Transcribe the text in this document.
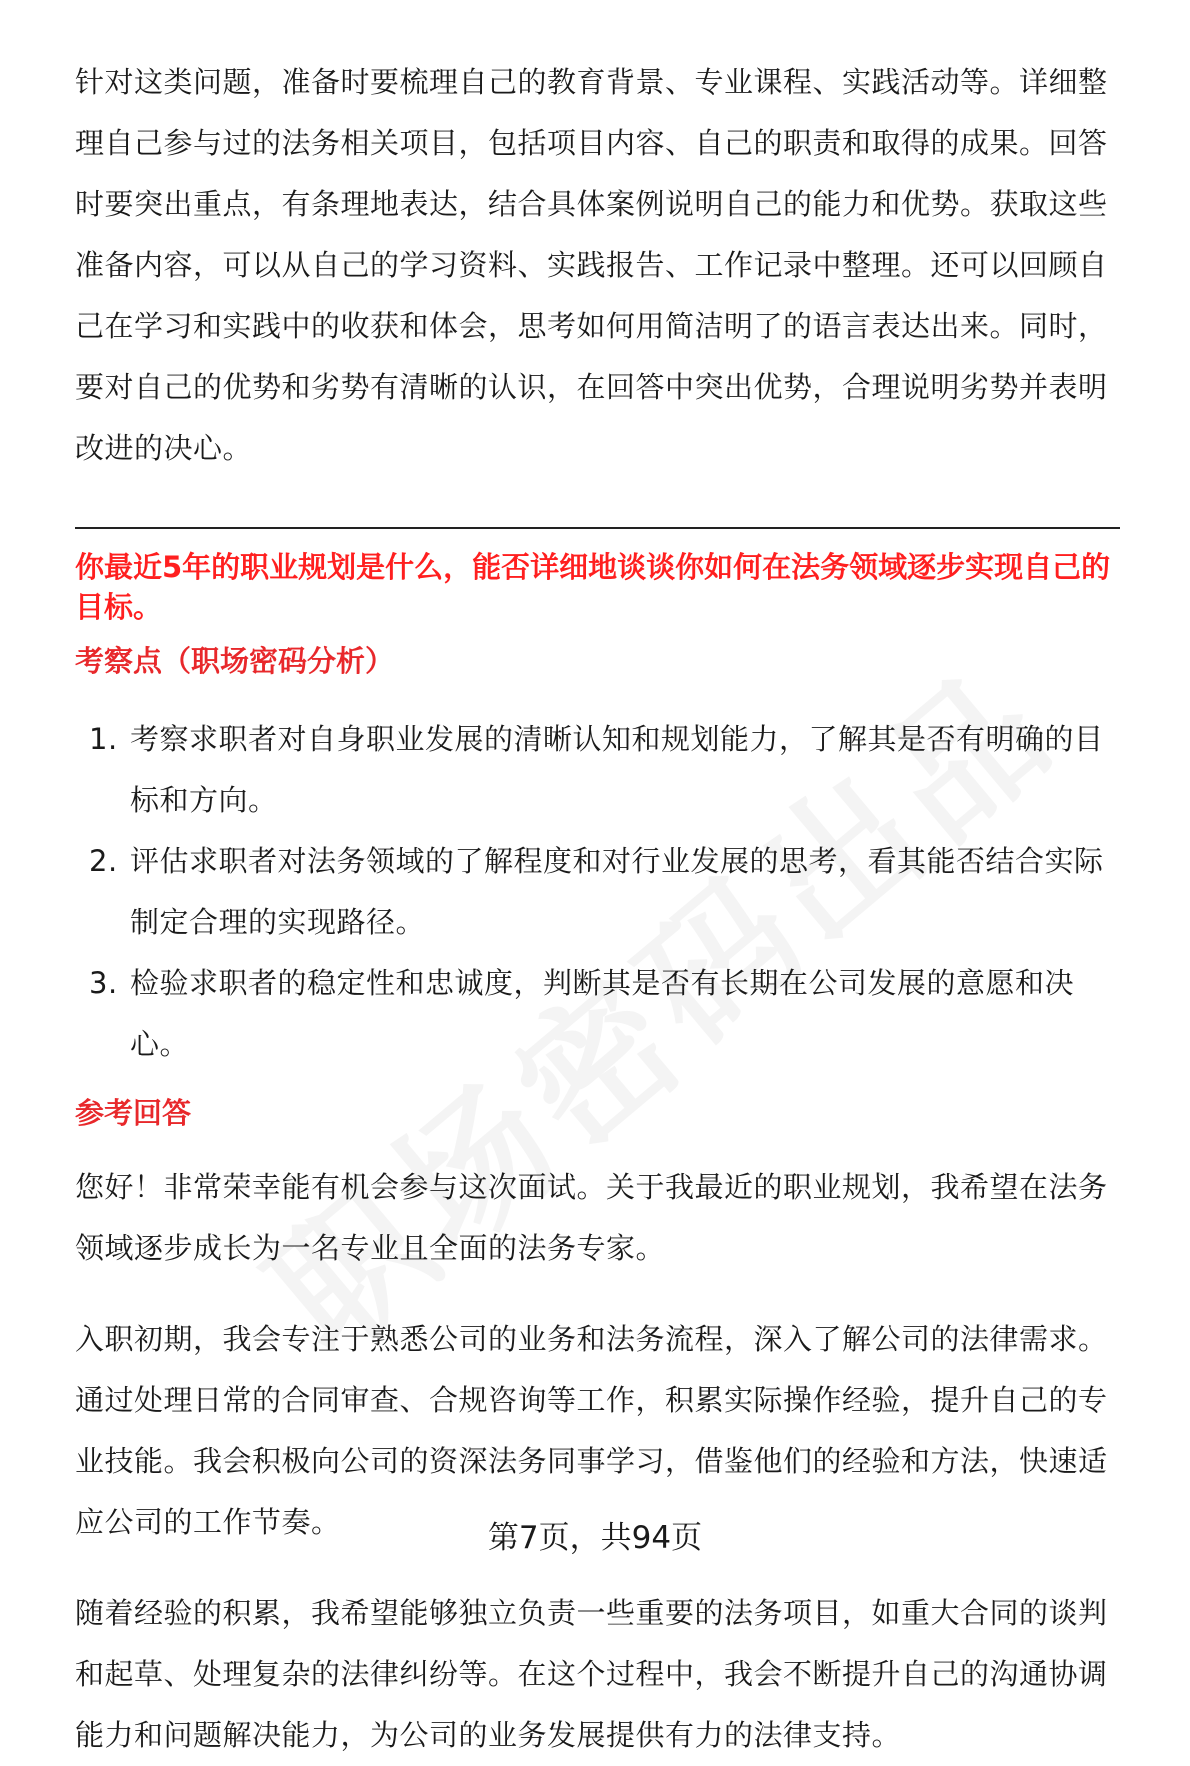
针对这类问题，准备时要梳理自己的教育背景、专业课程、实践活动等。详细整理自己参与过的法务相关项目，包括项目内容、自己的职责和取得的成果。回答时要突出重点，有条理地表达，结合具体案例说明自己的能力和优势。获取这些准备内容，可以从自己的学习资料、实践报告、工作记录中整理。还可以回顾自己在学习和实践中的收获和体会，思考如何用简洁明了的语言表达出来。同时，要对自己的优势和劣势有清晰的认识，在回答中突出优势，合理说明劣势并表明改进的决心。

你最近5年的职业规划是什么，能否详细地谈谈你如何在法务领域逐步实现自己的目标。

考察点（职场密码分析）

1. 考察求职者对自身职业发展的清晰认知和规划能力，了解其是否有明确的目标和方向。
2. 评估求职者对法务领域的了解程度和对行业发展的思考，看其能否结合实际制定合理的实现路径。
3. 检验求职者的稳定性和忠诚度，判断其是否有长期在公司发展的意愿和决心。

参考回答

您好！非常荣幸能有机会参与这次面试。关于我最近的职业规划，我希望在法务领域逐步成长为一名专业且全面的法务专家。

入职初期，我会专注于熟悉公司的业务和法务流程，深入了解公司的法律需求。通过处理日常的合同审查、合规咨询等工作，积累实际操作经验，提升自己的专业技能。我会积极向公司的资深法务同事学习，借鉴他们的经验和方法，快速适应公司的工作节奏。

随着经验的积累，我希望能够独立负责一些重要的法务项目，如重大合同的谈判和起草、处理复杂的法律纠纷等。在这个过程中，我会不断提升自己的沟通协调能力和问题解决能力，为公司的业务发展提供有力的法律支持。

第7页，共94页
